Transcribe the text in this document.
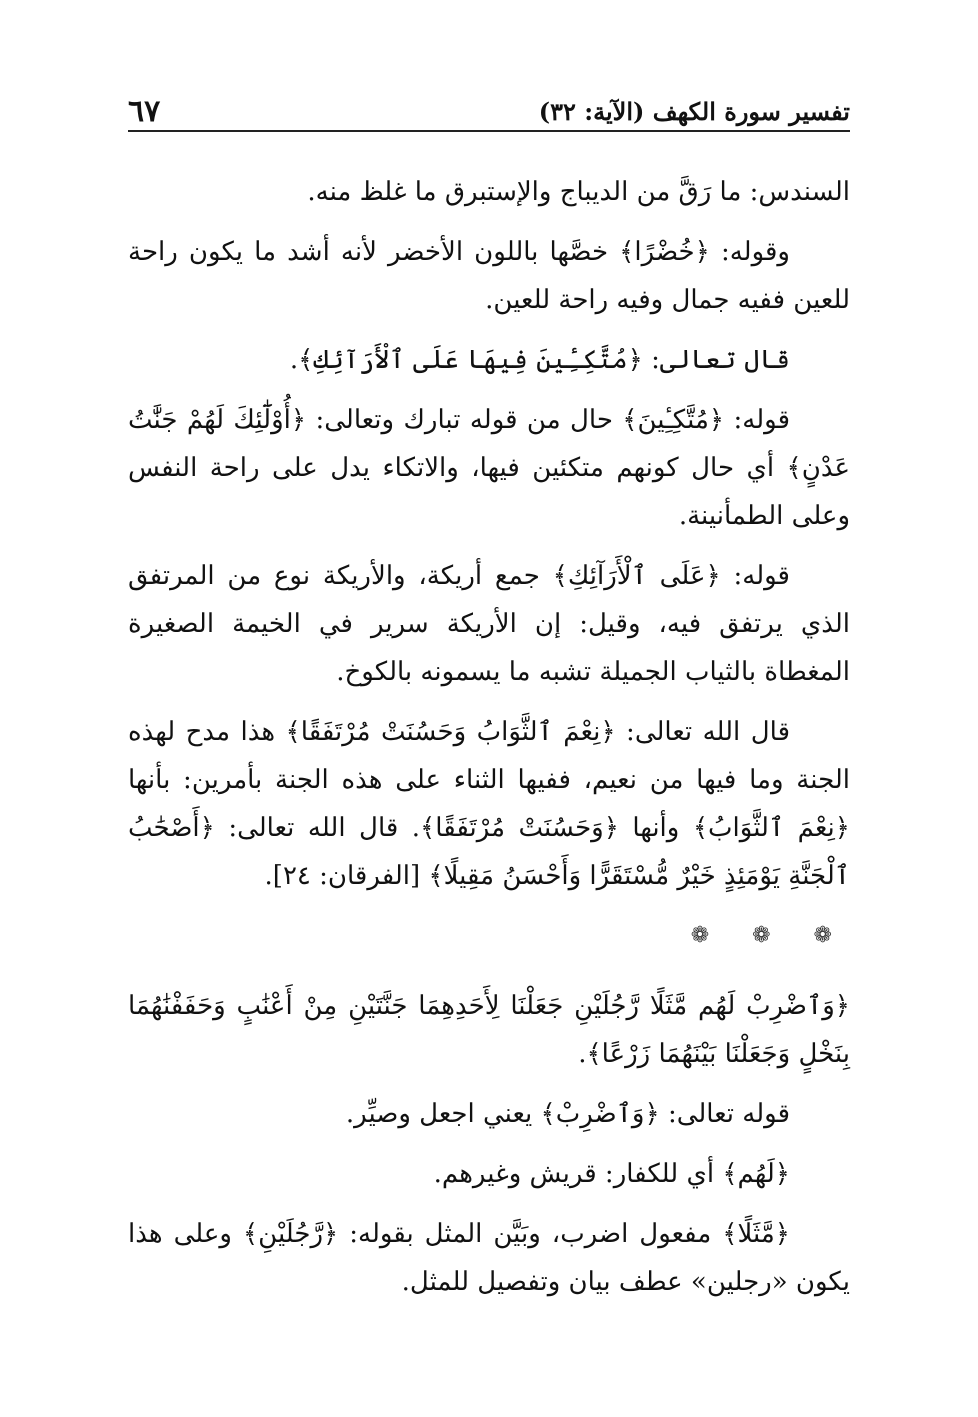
تفسير سورة الكهف (الآية: ٣٢)
٦٧

السندس: ما رَقَّ من الديباج والإستبرق ما غلظ منه.

وقوله: ﴿خُضْرًا﴾ خصَّها باللون الأخضر لأنه أشد ما يكون راحة للعين ففيه جمال وفيه راحة للعين.

قال تعالى: ﴿مُتَّكِـِٔينَ فِيهَا عَلَى ٱلْأَرَآئِكِ﴾.

قوله: ﴿مُتَّكِـِٔينَ﴾ حال من قوله تبارك وتعالى: ﴿أُوْلَٰٓئِكَ لَهُمْ جَنَّٰتُ عَدْنٍ﴾ أي حال كونهم متكئين فيها، والاتكاء يدل على راحة النفس وعلى الطمأنينة.

قوله: ﴿عَلَى ٱلْأَرَآئِكِ﴾ جمع أريكة، والأريكة نوع من المرتفق الذي يرتفق فيه، وقيل: إن الأريكة سرير في الخيمة الصغيرة المغطاة بالثياب الجميلة تشبه ما يسمونه بالكوخ.

قال الله تعالى: ﴿نِعْمَ ٱلثَّوَابُ وَحَسُنَتْ مُرْتَفَقًا﴾ هذا مدح لهذه الجنة وما فيها من نعيم، ففيها الثناء على هذه الجنة بأمرين: بأنها ﴿نِعْمَ ٱلثَّوَابُ﴾ وأنها ﴿وَحَسُنَتْ مُرْتَفَقًا﴾. قال الله تعالى: ﴿أَصْحَٰبُ ٱلْجَنَّةِ يَوْمَئِذٍ خَيْرٌ مُّسْتَقَرًّا وَأَحْسَنُ مَقِيلًا﴾ [الفرقان: ٢٤].

❁ ❁ ❁

﴿وَٱضْرِبْ لَهُم مَّثَلًا رَّجُلَيْنِ جَعَلْنَا لِأَحَدِهِمَا جَنَّتَيْنِ مِنْ أَعْنَٰبٍ وَحَفَفْنَٰهُمَا بِنَخْلٍ وَجَعَلْنَا بَيْنَهُمَا زَرْعًا﴾.

قوله تعالى: ﴿وَٱضْرِبْ﴾ يعني اجعل وصيِّر.

﴿لَهُم﴾ أي للكفار: قريش وغيرهم.

﴿مَّثَلًا﴾ مفعول اضرب، وبَيَّن المثل بقوله: ﴿رَّجُلَيْنِ﴾ وعلى هذا يكون «رجلين» عطف بيان وتفصيل للمثل.
